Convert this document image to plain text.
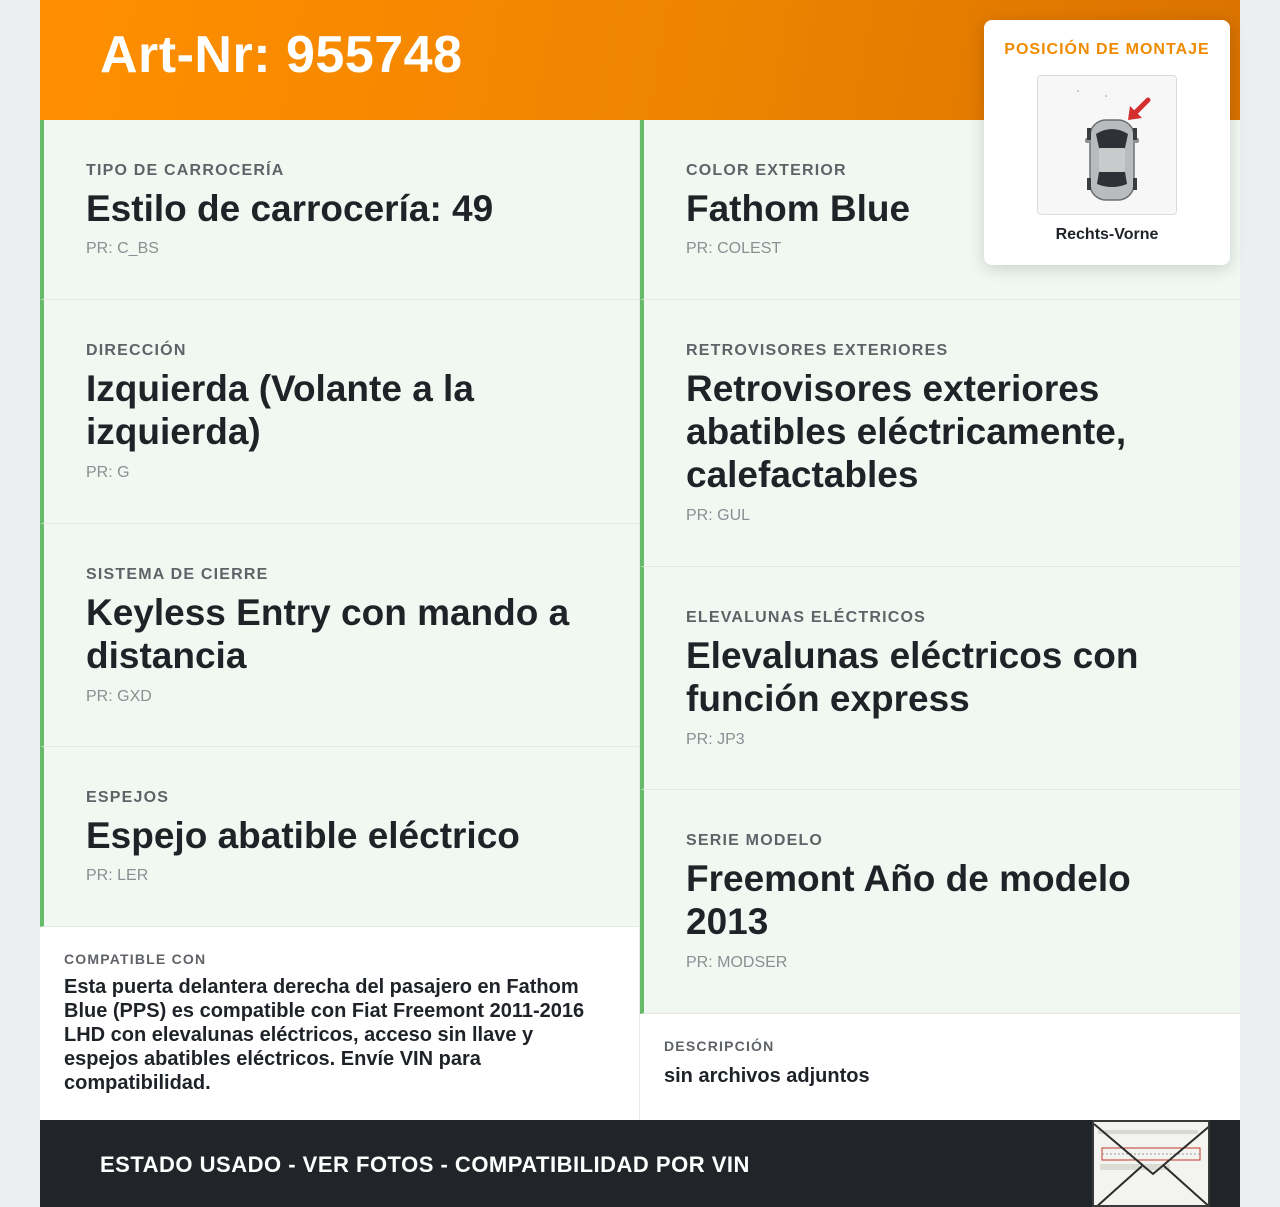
Art-Nr: 955748
TIPO DE CARROCERÍA
Estilo de carrocería: 49
PR: C_BS
DIRECCIÓN
Izquierda (Volante a la izquierda)
PR: G
SISTEMA DE CIERRE
Keyless Entry con mando a distancia
PR: GXD
ESPEJOS
Espejo abatible eléctrico
PR: LER
COMPATIBLE CON
Esta puerta delantera derecha del pasajero en Fathom Blue (PPS) es compatible con Fiat Freemont 2011-2016 LHD con elevalunas eléctricos, acceso sin llave y espejos abatibles eléctricos. Envíe VIN para compatibilidad.
COLOR EXTERIOR
Fathom Blue
PR: COLEST
RETROVISORES EXTERIORES
Retrovisores exteriores abatibles eléctricamente, calefactables
PR: GUL
ELEVALUNAS ELÉCTRICOS
Elevalunas eléctricos con función express
PR: JP3
SERIE MODELO
Freemont Año de modelo 2013
PR: MODSER
DESCRIPCIÓN
sin archivos adjuntos
ESTADO USADO - VER FOTOS - COMPATIBILIDAD POR VIN
POSICIÓN DE MONTAJE
Rechts-Vorne
